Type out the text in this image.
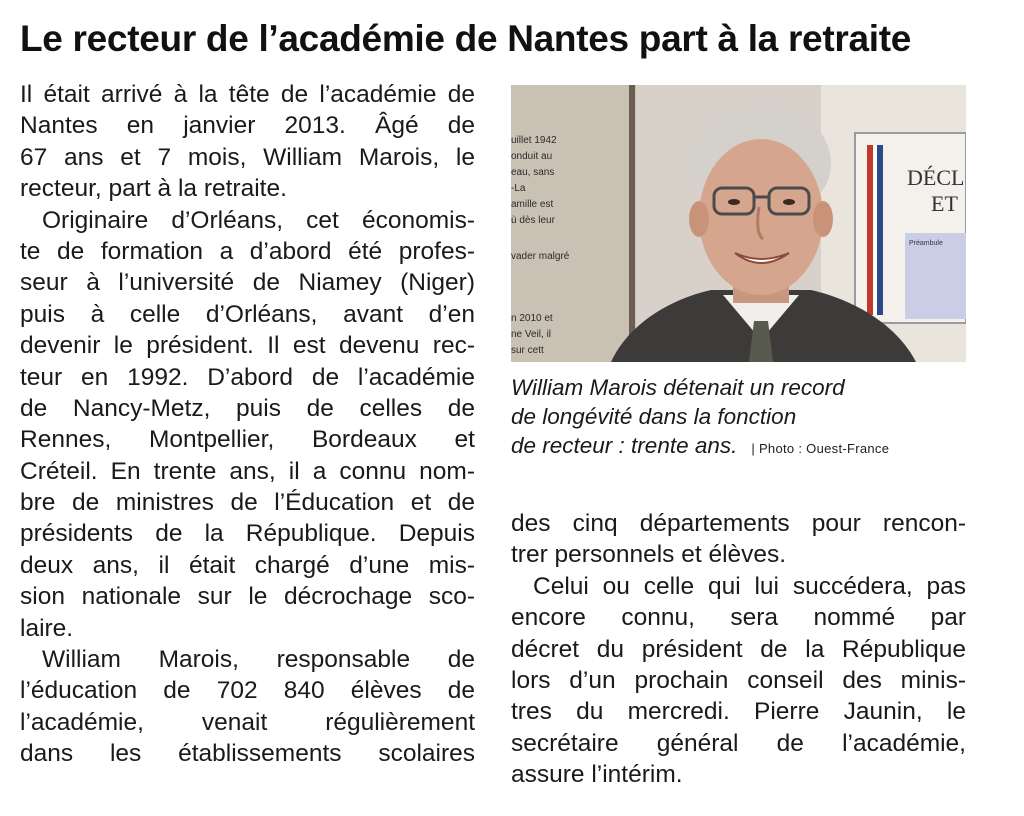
Le recteur de l’académie de Nantes part à la retraite
Il était arrivé à la tête de l’académie de
Nantes en janvier 2013. Âgé de
67 ans et 7 mois, William Marois, le
recteur, part à la retraite.
Originaire d’Orléans, cet économis-
te de formation a d’abord été profes-
seur à l’université de Niamey (Niger)
puis à celle d’Orléans, avant d’en
devenir le président. Il est devenu rec-
teur en 1992. D’abord de l’académie
de Nancy-Metz, puis de celles de
Rennes, Montpellier, Bordeaux et
Créteil. En trente ans, il a connu nom-
bre de ministres de l’Éducation et de
présidents de la République. Depuis
deux ans, il était chargé d’une mis-
sion nationale sur le décrochage sco-
laire.
William Marois, responsable de
l’éducation de 702 840 élèves de
l’académie, venait régulièrement
dans les établissements scolaires
uillet 1942
onduit au
eau, sans
-La
amille est
ù dès leur
vader malgré
n 2010 et
ne Veil, il
sur cett
DÉCL
ET
Préambule
William Marois détenait un record
de longévité dans la fonction
de recteur : trente ans. | Photo : Ouest-France
des cinq départements pour rencon-
trer personnels et élèves.
Celui ou celle qui lui succédera, pas
encore connu, sera nommé par
décret du président de la République
lors d’un prochain conseil des minis-
tres du mercredi. Pierre Jaunin, le
secrétaire général de l’académie,
assure l’intérim.
